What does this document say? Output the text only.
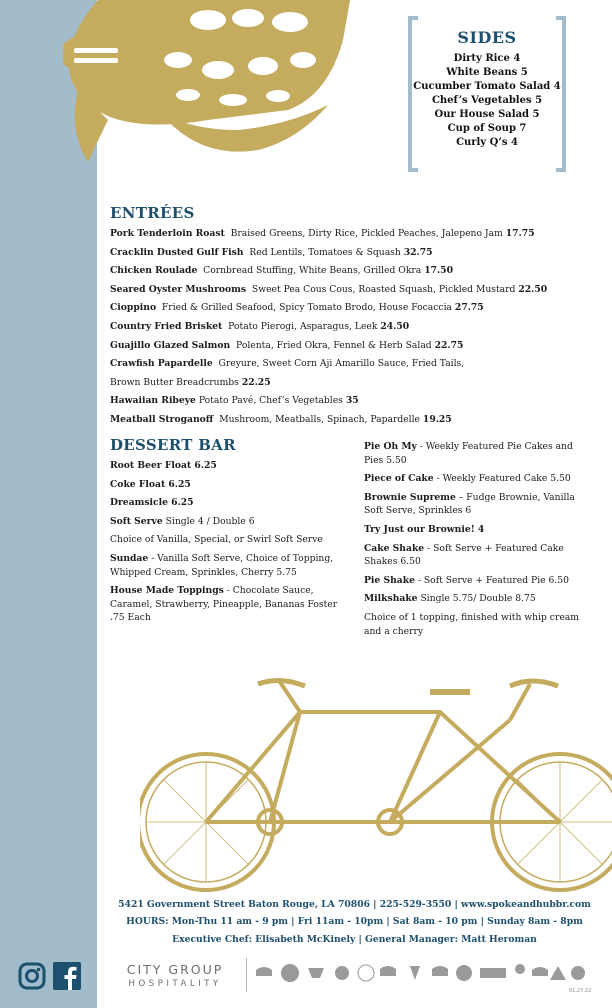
SIDES
Dirty Rice 4
White Beans 5
Cucumber Tomato Salad 4
Chef’s Vegetables 5
Our House Salad 5
Cup of Soup 7
Curly Q’s 4
ENTRÉES
Pork Tenderloin Roast Braised Greens, Dirty Rice, Pickled Peaches, Jalepeno Jam 17.75
Cracklin Dusted Gulf Fish Red Lentils, Tomatoes & Squash 32.75
Chicken Roulade Cornbread Stuffing, White Beans, Grilled Okra 17.50
Seared Oyster Mushrooms Sweet Pea Cous Cous, Roasted Squash, Pickled Mustard 22.50
Cioppino Fried & Grilled Seafood, Spicy Tomato Brodo, House Focaccia 27.75
Country Fried Brisket Potato Pierogi, Asparagus, Leek 24.50
Guajillo Glazed Salmon Polenta, Fried Okra, Fennel & Herb Salad 22.75
Crawfish Papardelle Greyure, Sweet Corn Aji Amarillo Sauce, Fried Tails,
Brown Butter Breadcrumbs 22.25
Hawaiian Ribeye Potato Pavé, Chef’s Vegetables 35
Meatball Stroganoff Mushroom, Meatballs, Spinach, Papardelle 19.25
DESSERT BAR
Root Beer Float 6.25
Coke Float 6.25
Dreamsicle 6.25
Soft Serve Single 4 / Double 6
Choice of Vanilla, Special, or Swirl Soft Serve
Sundae - Vanilla Soft Serve, Choice of Topping, Whipped Cream, Sprinkles, Cherry 5.75
House Made Toppings - Chocolate Sauce, Caramel, Strawberry, Pineapple, Bananas Foster .75 Each
Pie Oh My - Weekly Featured Pie Cakes and Pies 5.50
Piece of Cake - Weekly Featured Cake 5.50
Brownie Supreme – Fudge Brownie, Vanilla Soft Serve, Sprinkles 6
Try Just our Brownie! 4
Cake Shake - Soft Serve + Featured Cake Shakes 6.50
Pie Shake - Soft Serve + Featured Pie 6.50
Milkshake Single 5.75/ Double 8.75
Choice of 1 topping, finished with whip cream and a cherry
5421 Government Street Baton Rouge, LA 70806 | 225-529-3550 | www.spokeandhubbr.com
HOURS: Mon-Thu 11 am - 9 pm | Fri 11am - 10pm | Sat 8am - 10 pm | Sunday 8am - 8pm
Executive Chef: Elisabeth McKinely | General Manager: Matt Heroman
CITY GROUP
HOSPITALITY
01.27.22
